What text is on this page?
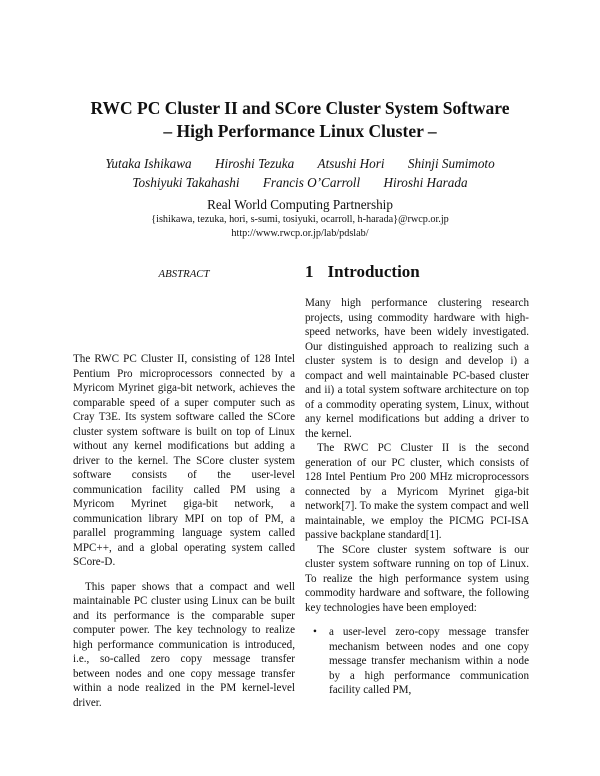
RWC PC Cluster II and SCore Cluster System Software
– High Performance Linux Cluster –
Yutaka Ishikawa Hiroshi Tezuka Atsushi Hori Shinji Sumimoto
Toshiyuki Takahashi Francis O’Carroll Hiroshi Harada
Real World Computing Partnership
{ishikawa, tezuka, hori, s-sumi, tosiyuki, ocarroll, h-harada}@rwcp.or.jp
http://www.rwcp.or.jp/lab/pdslab/
ABSTRACT

The RWC PC Cluster II, consisting of 128 Intel Pentium Pro microprocessors connected by a Myricom Myrinet giga-bit network, achieves the comparable speed of a super computer such as Cray T3E. Its system software called the SCore cluster system software is built on top of Linux without any kernel modifications but adding a driver to the kernel. The SCore cluster system software consists of the user-level communication facility called PM using a Myricom Myrinet giga-bit network, a communication library MPI on top of PM, a parallel programming language system called MPC++, and a global operating system called SCore-D.

This paper shows that a compact and well maintainable PC cluster using Linux can be built and its performance is the comparable super computer power. The key technology to realize high performance communication is introduced, i.e., so-called zero copy message transfer between nodes and one copy message transfer within a node realized in the PM kernel-level driver.

1 Introduction

Many high performance clustering research projects, using commodity hardware with high-speed networks, have been widely investigated. Our distinguished approach to realizing such a cluster system is to design and develop i) a compact and well maintainable PC-based cluster and ii) a total system software architecture on top of a commodity operating system, Linux, without any kernel modifications but adding a driver to the kernel.

The RWC PC Cluster II is the second generation of our PC cluster, which consists of 128 Intel Pentium Pro 200 MHz microprocessors connected by a Myricom Myrinet giga-bit network[7]. To make the system compact and well maintainable, we employ the PICMG PCI-ISA passive backplane standard[1].

The SCore cluster system software is our cluster system software running on top of Linux. To realize the high performance system using commodity hardware and software, the following key technologies have been employed:

• a user-level zero-copy message transfer mechanism between nodes and one copy message transfer mechanism within a node by a high performance communication facility called PM,
